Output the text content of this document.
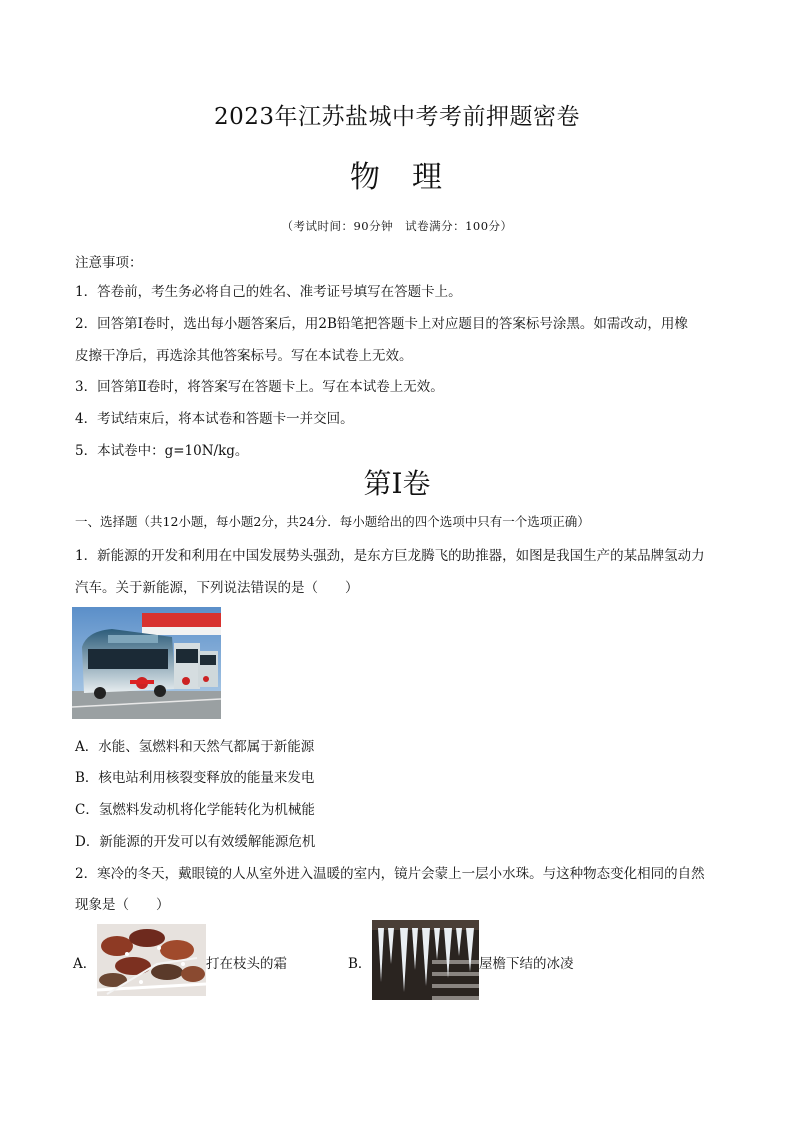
2023年江苏盐城中考考前押题密卷
物理
（考试时间：90分钟　试卷满分：100分）
注意事项：
1．答卷前，考生务必将自己的姓名、准考证号填写在答题卡上。
2．回答第Ⅰ卷时，选出每小题答案后，用2B铅笔把答题卡上对应题目的答案标号涂黑。如需改动，用橡
皮擦干净后，再选涂其他答案标号。写在本试卷上无效。
3．回答第Ⅱ卷时，将答案写在答题卡上。写在本试卷上无效。
4．考试结束后，将本试卷和答题卡一并交回。
5．本试卷中：g=10N/kg。
第Ⅰ卷
一、选择题（共12小题，每小题2分，共24分．每小题给出的四个选项中只有一个选项正确）
1．新能源的开发和利用在中国发展势头强劲，是东方巨龙腾飞的助推器，如图是我国生产的某品牌氢动力
汽车。关于新能源，下列说法错误的是（　　）
A．水能、氢燃料和天然气都属于新能源
B．核电站利用核裂变释放的能量来发电
C．氢燃料发动机将化学能转化为机械能
D．新能源的开发可以有效缓解能源危机
2．寒冷的冬天，戴眼镜的人从室外进入温暖的室内，镜片会蒙上一层小水珠。与这种物态变化相同的自然
现象是（　　）
A．	打在枝头的霜	B．	屋檐下结的冰凌
